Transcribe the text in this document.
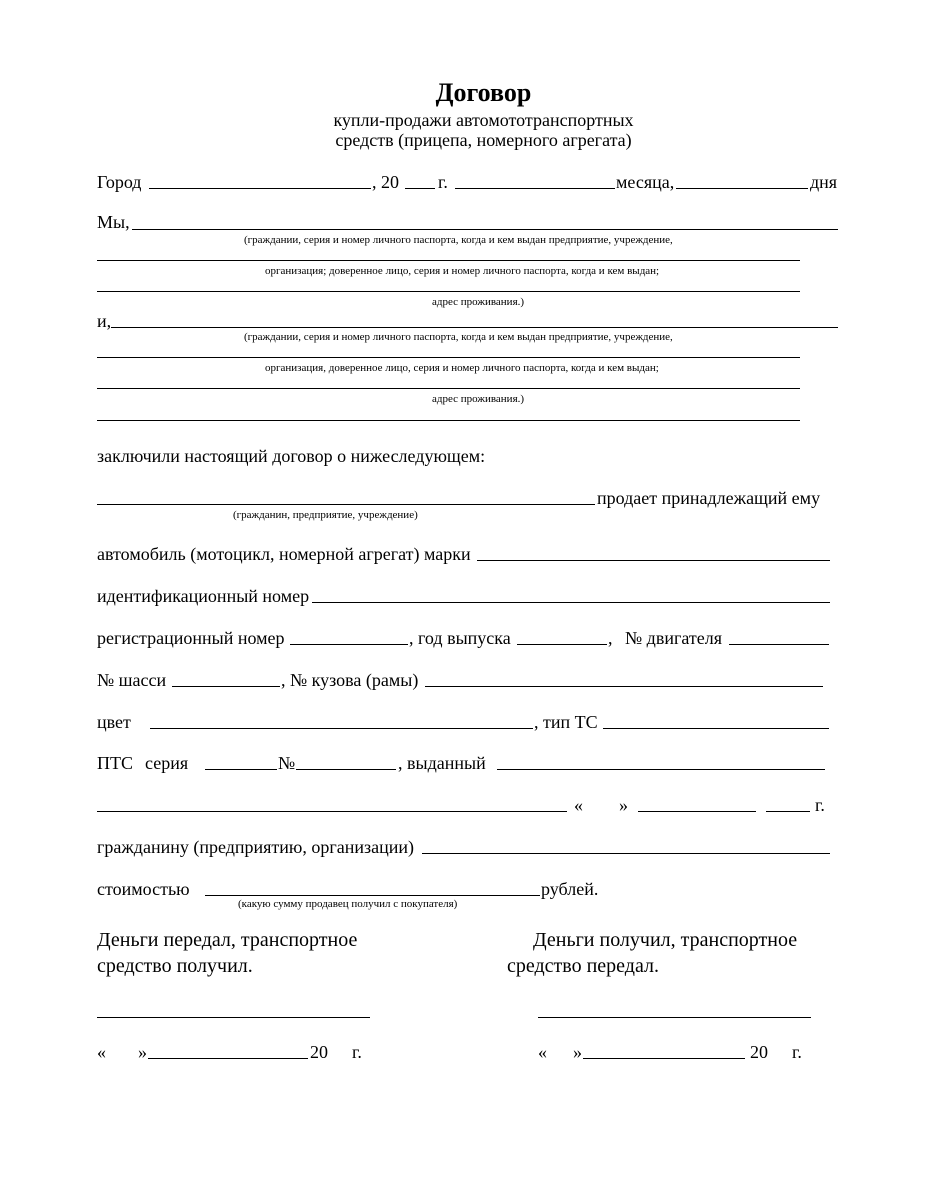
Договор
купли-продажи автомототранспортных
средств (прицепа, номерного агрегата)
Город	, 20 г.	месяца,	дня
Мы,
(граждании, серия и номер личного паспорта, когда и кем выдан предприятие, учреждение,
организация; доверенное лицо, серия и номер личного паспорта, когда и кем выдан;
адрес проживания.)
и,
(граждании, серия и номер личного паспорта, когда и кем выдан предприятие, учреждение,
организация, доверенное лицо, серия и номер личного паспорта, когда и кем выдан;
адрес проживания.)
заключили настоящий договор о нижеследующем:
продает принадлежащий ему
(гражданин, предприятие, учреждение)
автомобиль (мотоцикл, номерной агрегат) марки
идентификационный номер
регистрационный номер	, год выпуска	, № двигателя
№ шасси	, № кузова (рамы)
цвет	, тип ТС
ПТС серия	№	, выданный
« »	г.
гражданину (предприятию, организации)
стоимостью	рублей.
(какую сумму продавец получил с покупателя)
Деньги передал, транспортное
средство получил.
Деньги получил, транспортное
средство передал.
« »	20 г.	« »	20 г.
